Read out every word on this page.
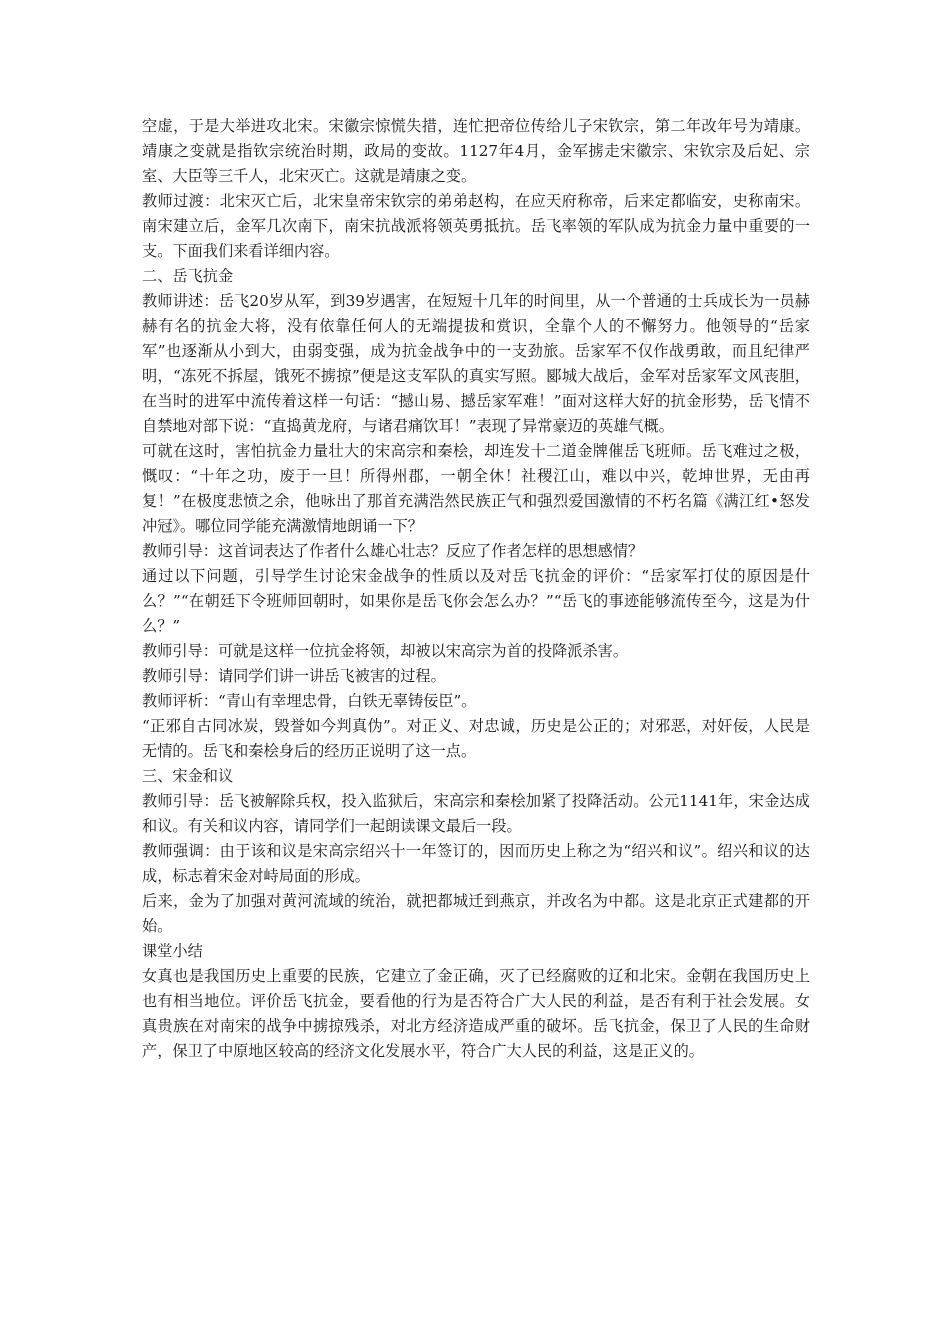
空虚，于是大举进攻北宋。宋徽宗惊慌失措，连忙把帝位传给儿子宋钦宗，第二年改年号为靖康。靖康之变就是指钦宗统治时期，政局的变故。1127年4月，金军掳走宋徽宗、宋钦宗及后妃、宗室、大臣等三千人，北宋灭亡。这就是靖康之变。

教师过渡：北宋灭亡后，北宋皇帝宋钦宗的弟弟赵构，在应天府称帝，后来定都临安，史称南宋。南宋建立后，金军几次南下，南宋抗战派将领英勇抵抗。岳飞率领的军队成为抗金力量中重要的一支。下面我们来看详细内容。

二、岳飞抗金

教师讲述：岳飞20岁从军，到39岁遇害，在短短十几年的时间里，从一个普通的士兵成长为一员赫赫有名的抗金大将，没有依靠任何人的无端提拔和赏识，全靠个人的不懈努力。他领导的“岳家军”也逐渐从小到大，由弱变强，成为抗金战争中的一支劲旅。岳家军不仅作战勇敢，而且纪律严明，“冻死不拆屋，饿死不掳掠”便是这支军队的真实写照。郾城大战后，金军对岳家军文风丧胆，在当时的进军中流传着这样一句话：“撼山易、撼岳家军难！”面对这样大好的抗金形势，岳飞情不自禁地对部下说：“直捣黄龙府，与诸君痛饮耳！”表现了异常豪迈的英雄气概。

可就在这时，害怕抗金力量壮大的宋高宗和秦桧，却连发十二道金牌催岳飞班师。岳飞难过之极，慨叹：“十年之功，废于一旦！所得州郡，一朝全休！社稷江山，难以中兴，乾坤世界，无由再复！”在极度悲愤之余，他咏出了那首充满浩然民族正气和强烈爱国激情的不朽名篇《满江红•怒发冲冠》。哪位同学能充满激情地朗诵一下？

教师引导：这首词表达了作者什么雄心壮志？反应了作者怎样的思想感情？

通过以下问题，引导学生讨论宋金战争的性质以及对岳飞抗金的评价：“岳家军打仗的原因是什么？”“在朝廷下令班师回朝时，如果你是岳飞你会怎么办？”“岳飞的事迹能够流传至今，这是为什么？”

教师引导：可就是这样一位抗金将领，却被以宋高宗为首的投降派杀害。

教师引导：请同学们讲一讲岳飞被害的过程。

教师评析：“青山有幸埋忠骨，白铁无辜铸佞臣”。

“正邪自古同冰炭，毁誉如今判真伪”。对正义、对忠诚，历史是公正的；对邪恶，对奸佞，人民是无情的。岳飞和秦桧身后的经历正说明了这一点。

三、宋金和议

教师引导：岳飞被解除兵权，投入监狱后，宋高宗和秦桧加紧了投降活动。公元1141年，宋金达成和议。有关和议内容，请同学们一起朗读课文最后一段。

教师强调：由于该和议是宋高宗绍兴十一年签订的，因而历史上称之为“绍兴和议”。绍兴和议的达成，标志着宋金对峙局面的形成。

后来，金为了加强对黄河流域的统治，就把都城迁到燕京，并改名为中都。这是北京正式建都的开始。

课堂小结

女真也是我国历史上重要的民族，它建立了金正确，灭了已经腐败的辽和北宋。金朝在我国历史上也有相当地位。评价岳飞抗金，要看他的行为是否符合广大人民的利益，是否有利于社会发展。女真贵族在对南宋的战争中掳掠残杀，对北方经济造成严重的破坏。岳飞抗金，保卫了人民的生命财产，保卫了中原地区较高的经济文化发展水平，符合广大人民的利益，这是正义的。
